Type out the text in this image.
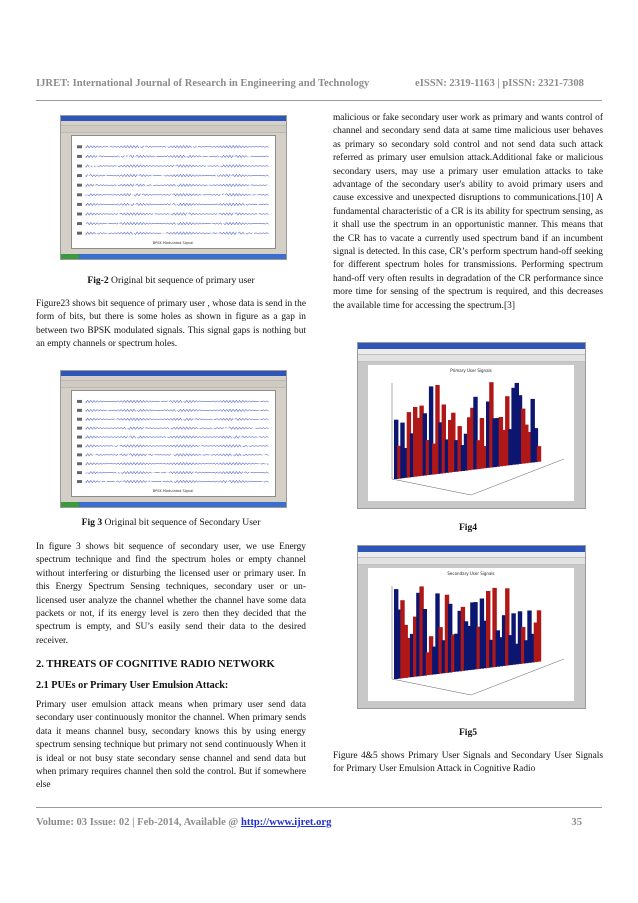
IJRET: International Journal of Research in Engineering and Technology	eISSN: 2319-1163 | pISSN: 2321-7308
BPSK Modulated Signal
Fig-2 Original bit sequence of primary user

Figure23 shows bit sequence of primary user , whose data is send in the form of bits, but there is some holes as shown in figure as a gap in between two BPSK modulated signals. This signal gaps is nothing but an empty channels or spectrum holes.

BPSK Modulated Signal
Fig 3 Original bit sequence of Secondary User

In figure 3 shows bit sequence of secondary user, we use Energy spectrum technique and find the spectrum holes or empty channel without interfering or disturbing the licensed user or primary user. In this Energy Spectrum Sensing techniques, secondary user or un-licensed user analyze the channel whether the channel have some data packets or not, if its energy level is zero then they decided that the spectrum is empty, and SU’s easily send their data to the desired receiver.

2. THREATS OF COGNITIVE RADIO NETWORK
2.1 PUEs or Primary User Emulsion Attack:

Primary user emulsion attack means when primary user send data secondary user continuously monitor the channel. When primary sends data it means channel busy, secondary knows this by using energy spectrum sensing technique but primary not send continuously When it is ideal or not busy state secondary sense channel and send data but when primary requires channel then sold the control. But if somewhere else

malicious or fake secondary user work as primary and wants control of channel and secondary send data at same time malicious user behaves as primary so secondary sold control and not send data such attack referred as primary user emulsion attack.Additional fake or malicious secondary users, may use a primary user emulation attacks to take advantage of the secondary user's ability to avoid primary users and cause excessive and unexpected disruptions to communications.[10] A fundamental characteristic of a CR is its ability for spectrum sensing, as it shall use the spectrum in an opportunistic manner. This means that the CR has to vacate a currently used spectrum band if an incumbent signal is detected. In this case, CR’s perform spectrum hand-off seeking for different spectrum holes for transmissions. Performing spectrum hand-off very often results in degradation of the CR performance since more time for sensing of the spectrum is required, and this decreases the available time for accessing the spectrum.[3]

Primary User Signals
Fig4
Secondary User Signals
Fig5

Figure 4&5 shows Primary User Signals and Secondary User Signals for Primary User Emulsion Attack in Cognitive Radio

Volume: 03 Issue: 02 | Feb-2014, Available @ http://www.ijret.org	35
